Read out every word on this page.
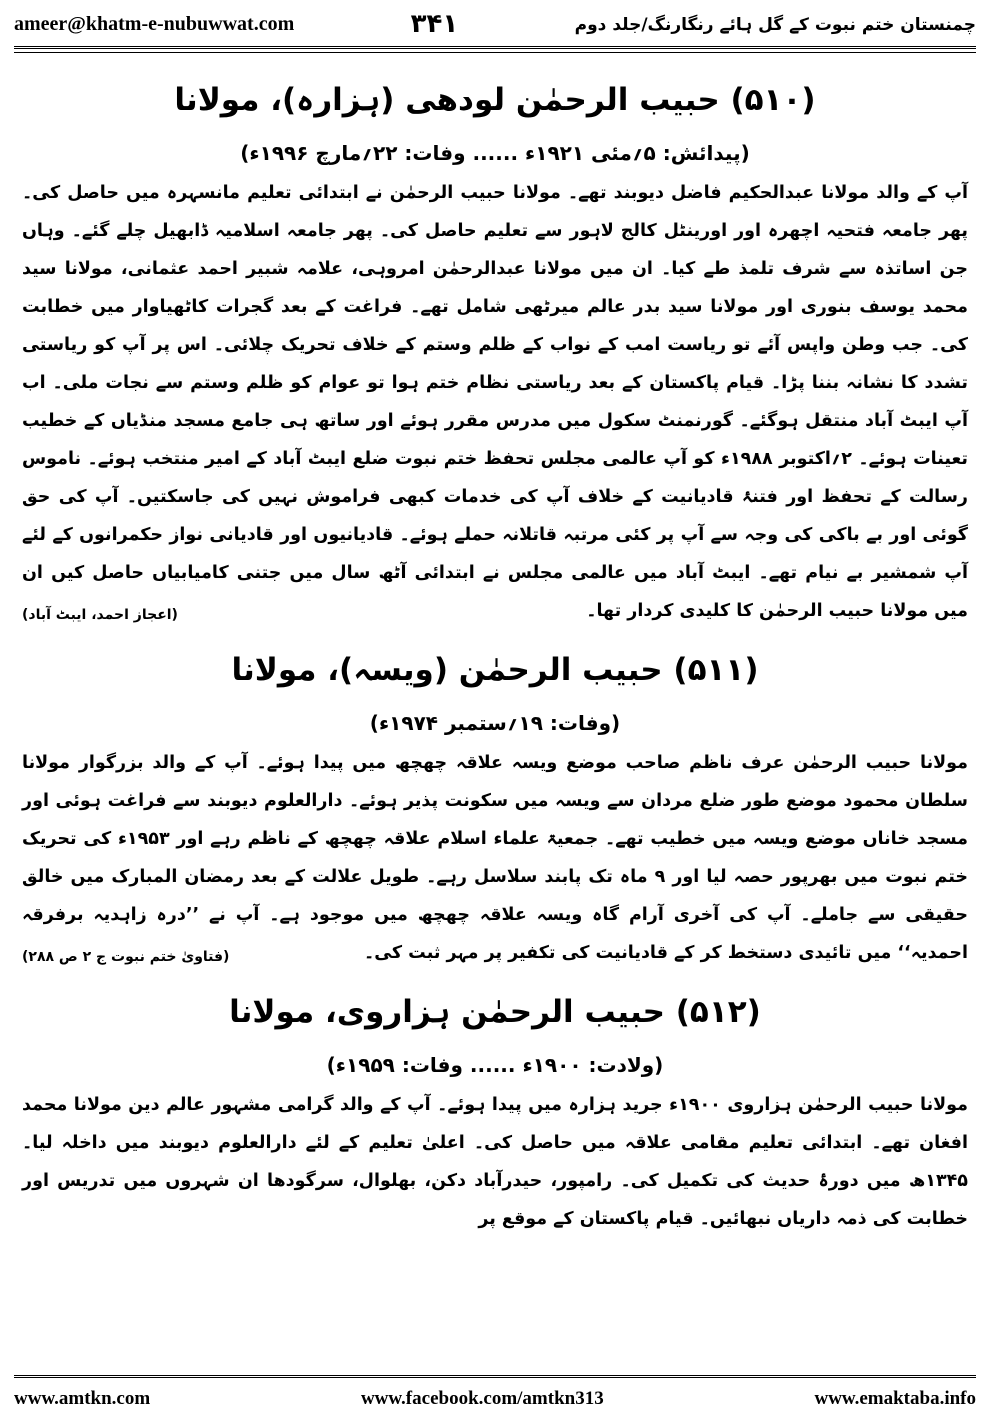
ameer@khatm-e-nubuwwat.com	۳۴۱	چمنستان ختم نبوت کے گل ہائے رنگارنگ/جلد دوم
(۵۱۰) حبیب الرحمٰن لودھی (ہزارہ)، مولانا
(پیدائش: ۵؍مئی ۱۹۲۱ء ...... وفات: ۲۲؍مارچ ۱۹۹۶ء)

آپ کے والد مولانا عبدالحکیم فاضل دیوبند تھے۔ مولانا حبیب الرحمٰن نے ابتدائی تعلیم مانسہرہ میں حاصل کی۔ پھر جامعہ فتحیہ اچھرہ اور اورینٹل کالج لاہور سے تعلیم حاصل کی۔ پھر جامعہ اسلامیہ ڈابھیل چلے گئے۔ وہاں جن اساتذہ سے شرف تلمذ طے کیا۔ ان میں مولانا عبدالرحمٰن امروہی، علامہ شبیر احمد عثمانی، مولانا سید محمد یوسف بنوری اور مولانا سید بدر عالم میرٹھی شامل تھے۔ فراغت کے بعد گجرات کاٹھیاوار میں خطابت کی۔ جب وطن واپس آئے تو ریاست امب کے نواب کے ظلم وستم کے خلاف تحریک چلائی۔ اس پر آپ کو ریاستی تشدد کا نشانہ بننا پڑا۔ قیام پاکستان کے بعد ریاستی نظام ختم ہوا تو عوام کو ظلم وستم سے نجات ملی۔ اب آپ ایبٹ آباد منتقل ہوگئے۔ گورنمنٹ سکول میں مدرس مقرر ہوئے اور ساتھ ہی جامع مسجد منڈیاں کے خطیب تعینات ہوئے۔ ۲؍اکتوبر ۱۹۸۸ء کو آپ عالمی مجلس تحفظ ختم نبوت ضلع ایبٹ آباد کے امیر منتخب ہوئے۔ ناموس رسالت کے تحفظ اور فتنۂ قادیانیت کے خلاف آپ کی خدمات کبھی فراموش نہیں کی جاسکتیں۔ آپ کی حق گوئی اور بے باکی کی وجہ سے آپ پر کئی مرتبہ قاتلانہ حملے ہوئے۔ قادیانیوں اور قادیانی نواز حکمرانوں کے لئے آپ شمشیر بے نیام تھے۔ ایبٹ آباد میں عالمی مجلس نے ابتدائی آٹھ سال میں جتنی کامیابیاں حاصل کیں ان میں مولانا حبیب الرحمٰن کا کلیدی کردار تھا۔
(اعجاز احمد، ایبٹ آباد)

(۵۱۱) حبیب الرحمٰن (ویسہ)، مولانا
(وفات: ۱۹؍ستمبر ۱۹۷۴ء)

مولانا حبیب الرحمٰن عرف ناظم صاحب موضع ویسہ علاقہ چھچھ میں پیدا ہوئے۔ آپ کے والد بزرگوار مولانا سلطان محمود موضع طور ضلع مردان سے ویسہ میں سکونت پذیر ہوئے۔ دارالعلوم دیوبند سے فراغت ہوئی اور مسجد خاناں موضع ویسہ میں خطیب تھے۔ جمعیۃ علماء اسلام علاقہ چھچھ کے ناظم رہے اور ۱۹۵۳ء کی تحریک ختم نبوت میں بھرپور حصہ لیا اور ۹ ماہ تک پابند سلاسل رہے۔ طویل علالت کے بعد رمضان المبارک میں خالق حقیقی سے جاملے۔ آپ کی آخری آرام گاہ ویسہ علاقہ چھچھ میں موجود ہے۔ آپ نے ’’درہ زاہدیہ برفرقہ احمدیہ‘‘ میں تائیدی دستخط کر کے قادیانیت کی تکفیر پر مہر ثبت کی۔
(فتاویٰ ختم نبوت ج ۲ ص ۲۸۸)

(۵۱۲) حبیب الرحمٰن ہزاروی، مولانا
(ولادت: ۱۹۰۰ء ...... وفات: ۱۹۵۹ء)

مولانا حبیب الرحمٰن ہزاروی ۱۹۰۰ء جرید ہزارہ میں پیدا ہوئے۔ آپ کے والد گرامی مشہور عالم دین مولانا محمد افغان تھے۔ ابتدائی تعلیم مقامی علاقہ میں حاصل کی۔ اعلیٰ تعلیم کے لئے دارالعلوم دیوبند میں داخلہ لیا۔ ۱۳۴۵ھ میں دورۂ حدیث کی تکمیل کی۔ رامپور، حیدرآباد دکن، بھلوال، سرگودھا ان شہروں میں تدریس اور خطابت کی ذمہ داریاں نبھائیں۔ قیام پاکستان کے موقع پر

www.amtkn.com	www.facebook.com/amtkn313	www.emaktaba.info
